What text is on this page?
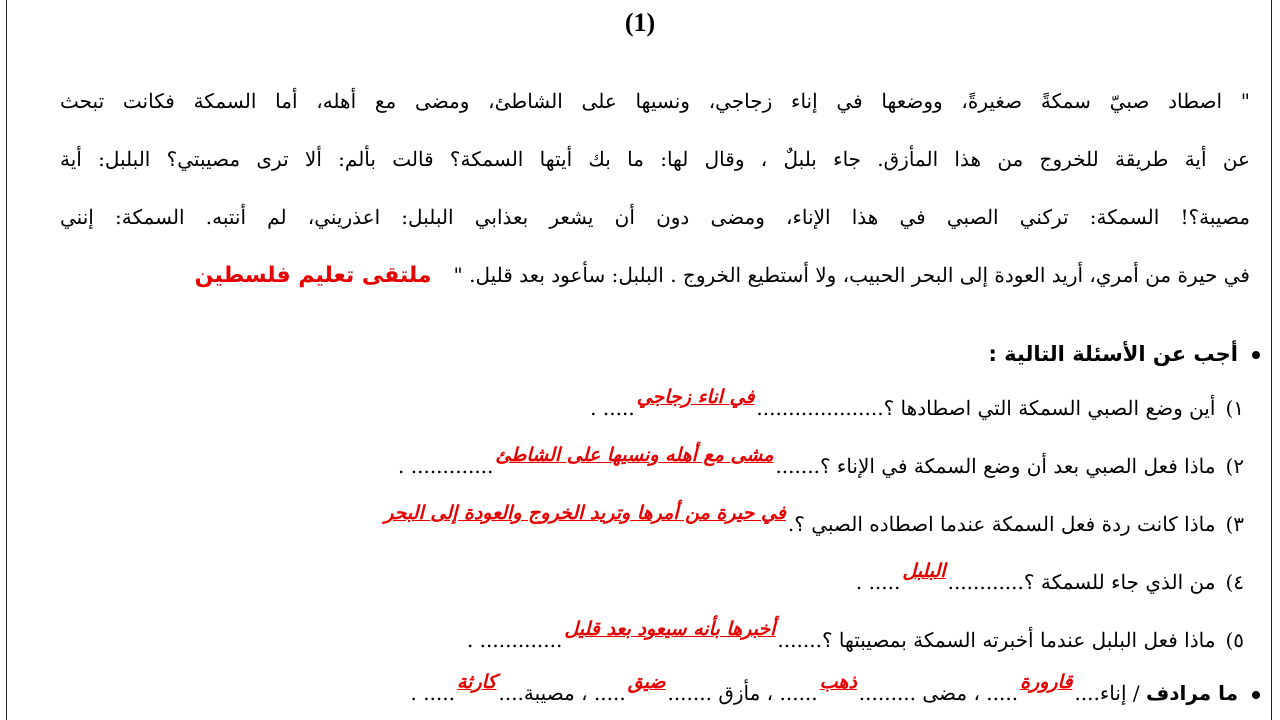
(1)
" اصطاد صبيّ سمكةً صغيرةً، ووضعها في إناء زجاجي، ونسيها على الشاطئ، ومضى مع أهله، أما السمكة فكانت تبحث
عن أية طريقة للخروج من هذا المأزق. جاء بلبلٌ ، وقال لها: ما بك أيتها السمكة؟ قالت بألم: ألا ترى مصيبتي؟ البلبل: أية
مصيبة؟! السمكة: تركني الصبي في هذا الإناء، ومضى دون أن يشعر بعذابي البلبل: اعذريني، لم أنتبه. السمكة: إنني
في حيرة من أمري، أريد العودة إلى البحر الحبيب، ولا أستطيع الخروج . البلبل: سأعود بعد قليل. "ملتقى تعليم فلسطين
أجب عن الأسئلة التالية :
١)أين وضع الصبي السمكة التي اصطادها ؟....................في اناء زجاجي..... .
٢)ماذا فعل الصبي بعد أن وضع السمكة في الإناء ؟.......مشى مع أهله ونسيها على الشاطئ............. .
٣)ماذا كانت ردة فعل السمكة عندما اصطاده الصبي ؟.في حيرة من أمرها وتريد الخروج والعودة إلى البحر
٤)من الذي جاء للسمكة ؟............البلبل..... .
٥)ماذا فعل البلبل عندما أخبرته السمكة بمصيبتها ؟.......أخبرها بأنه سيعود بعد قليل............. .
ما مرادف / إناء....قارورة..... ، مضى .........ذهب...... ، مأزق .......ضيق..... ، مصيبة....كارثة..... .
